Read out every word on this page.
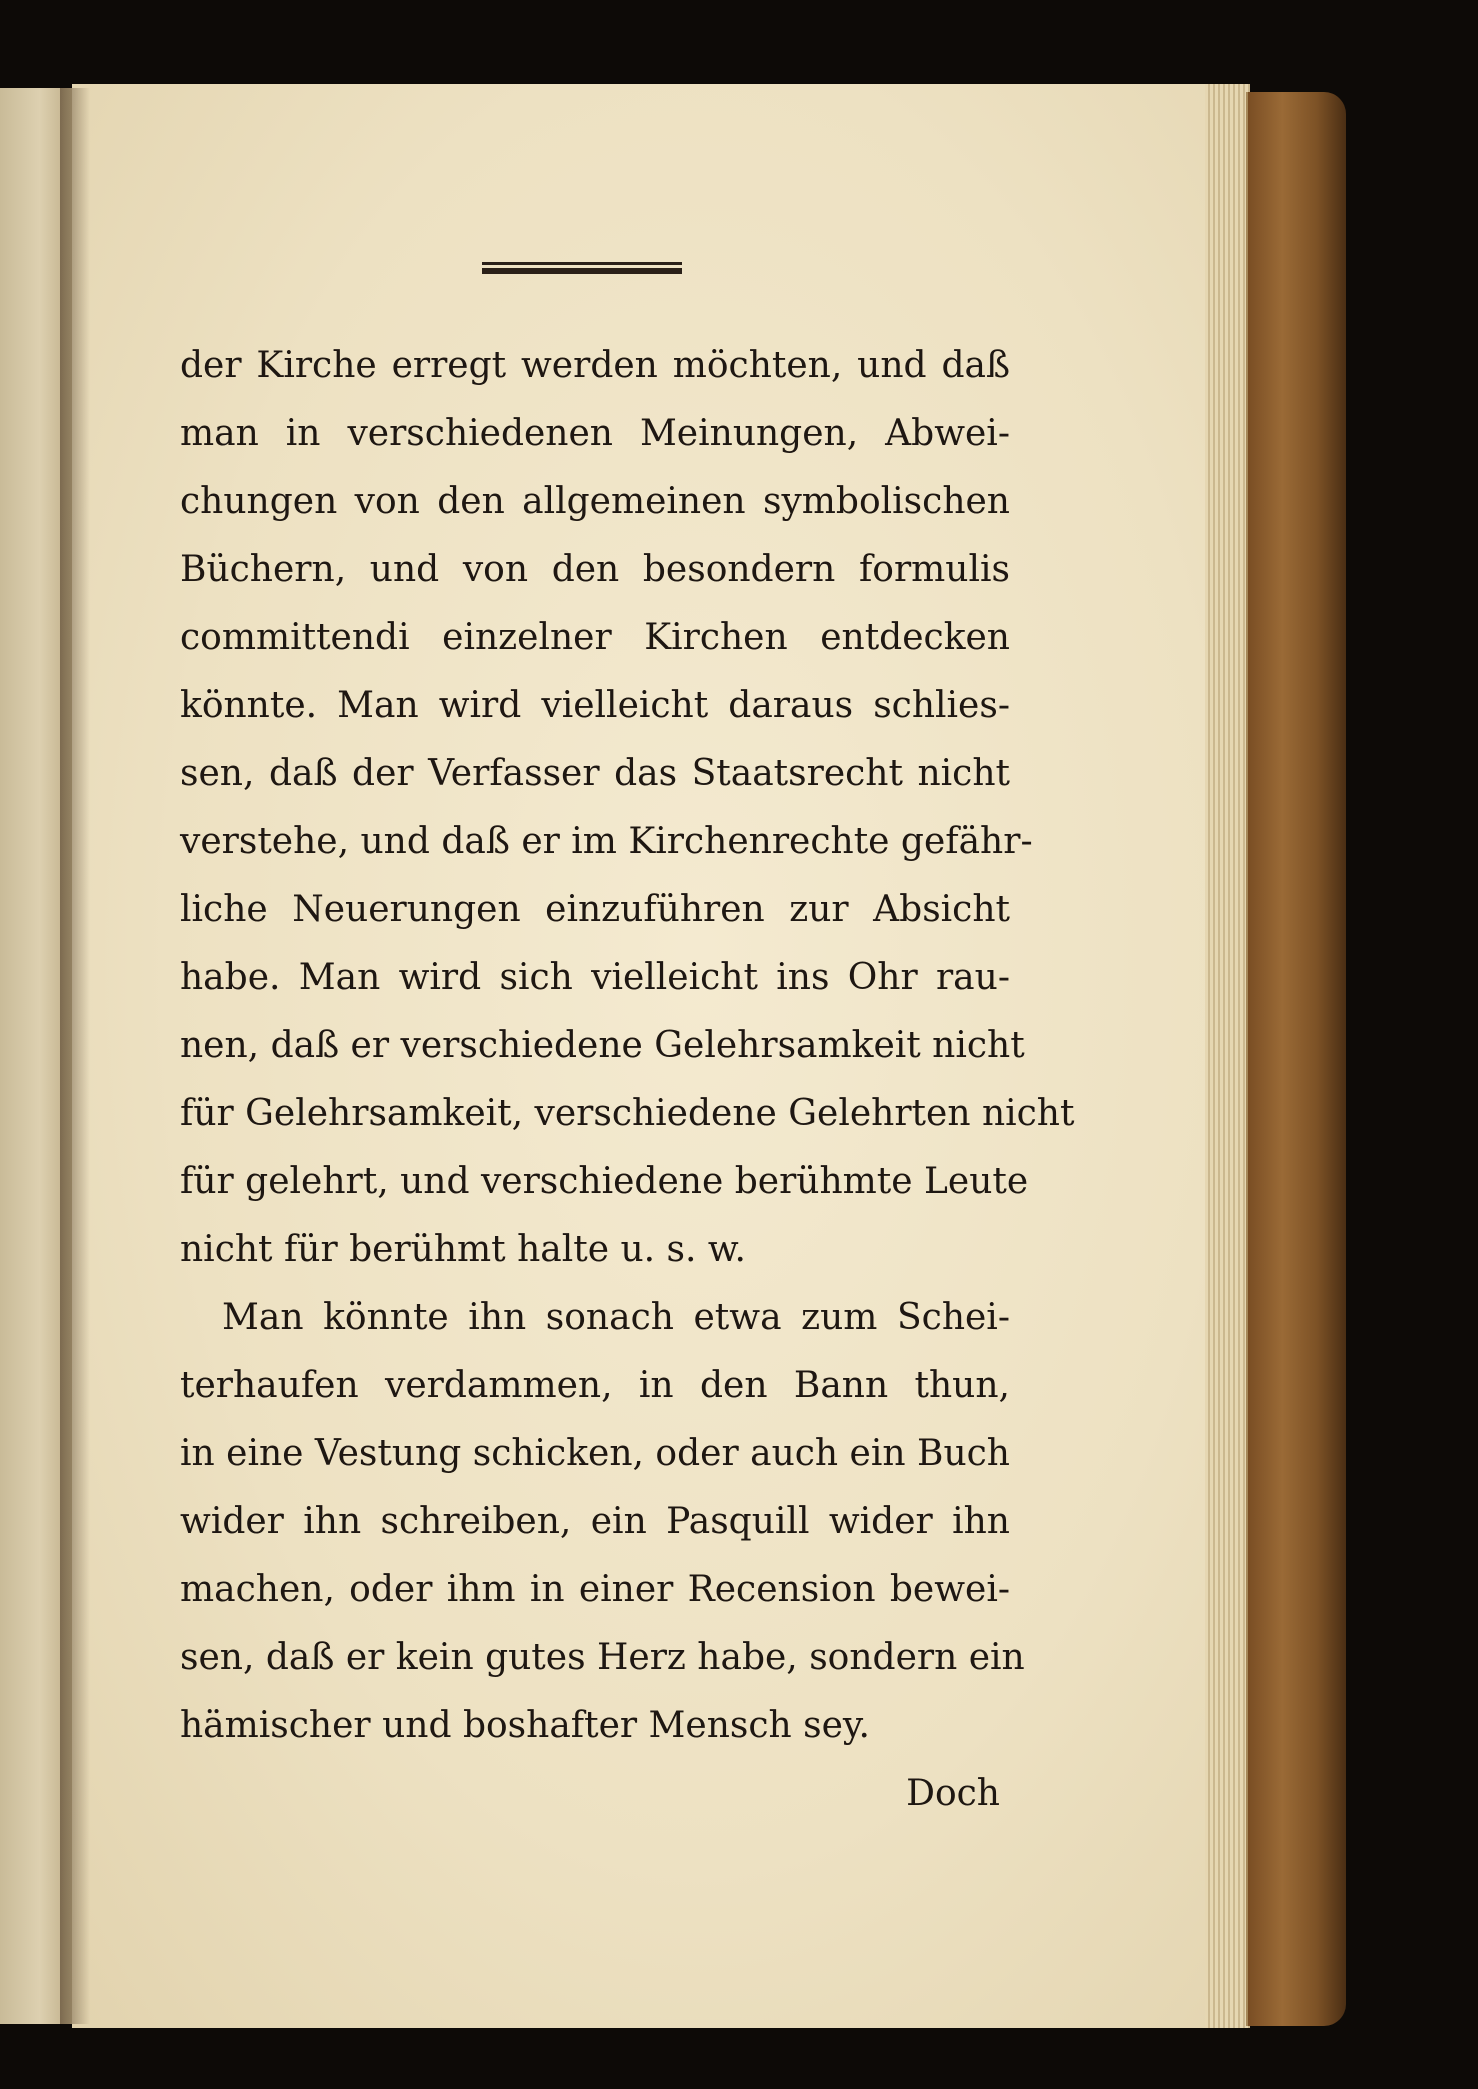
der Kirche erregt werden möchten, und daß
man in verschiedenen Meinungen, Abwei-
chungen von den allgemeinen symbolischen
Büchern, und von den besondern formulis
committendi einzelner Kirchen entdecken
könnte. Man wird vielleicht daraus schlies-
sen, daß der Verfasser das Staatsrecht nicht
verstehe, und daß er im Kirchenrechte gefähr-
liche Neuerungen einzuführen zur Absicht
habe. Man wird sich vielleicht ins Ohr rau-
nen, daß er verschiedene Gelehrsamkeit nicht
für Gelehrsamkeit, verschiedene Gelehrten nicht
für gelehrt, und verschiedene berühmte Leute
nicht für berühmt halte u. s. w.
Man könnte ihn sonach etwa zum Schei-
terhaufen verdammen, in den Bann thun,
in eine Vestung schicken, oder auch ein Buch
wider ihn schreiben, ein Pasquill wider ihn
machen, oder ihm in einer Recension bewei-
sen, daß er kein gutes Herz habe, sondern ein
hämischer und boshafter Mensch sey.
Doch
